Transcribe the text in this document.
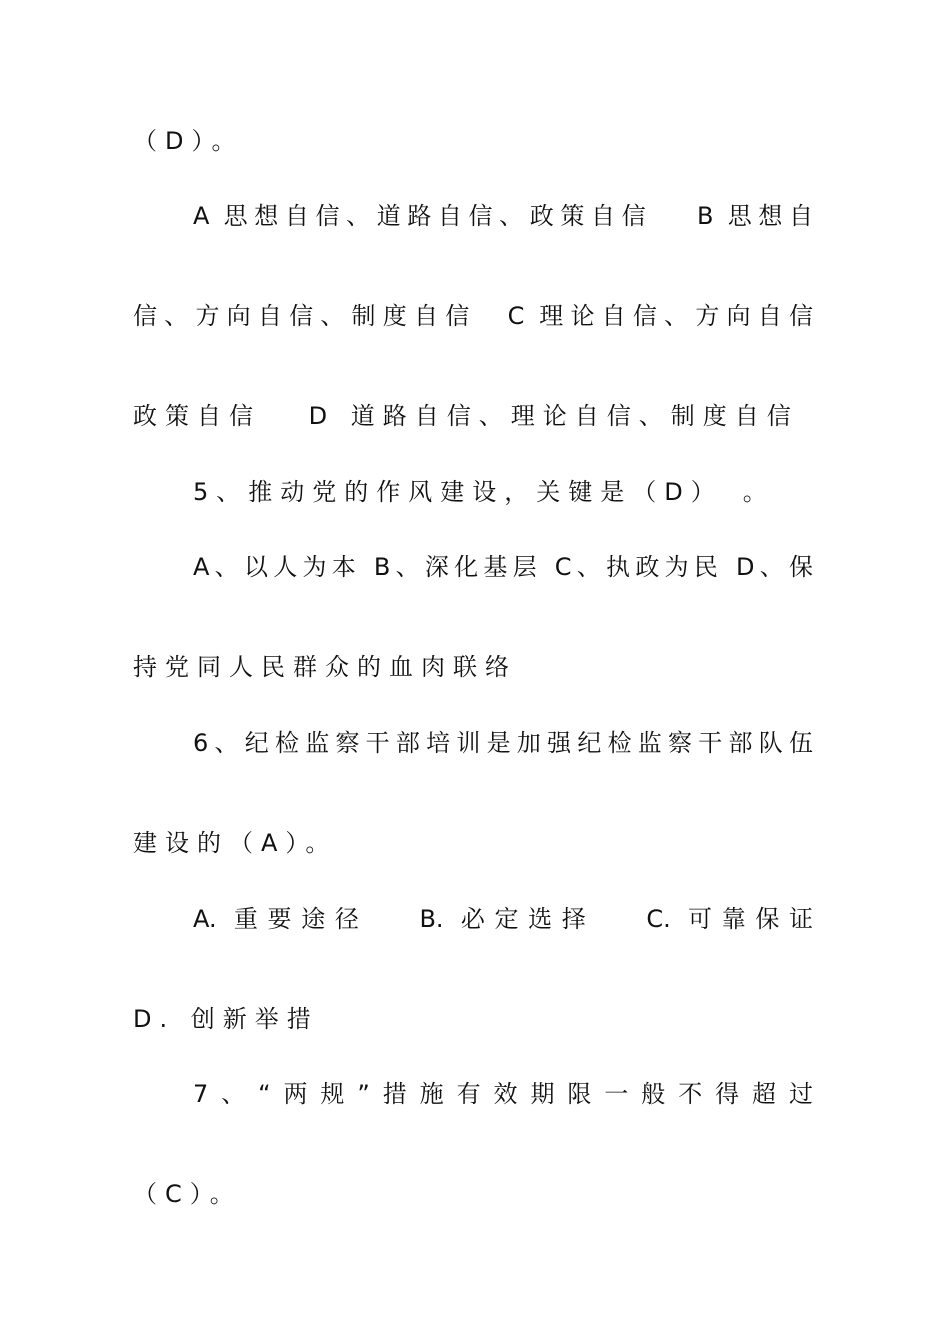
（D）。
A 思想自信、道路自信、政策自信　 B 思想自
信、方向自信、制度自信　C 理论自信、方向自信
政策自信　 D 道路自信、理论自信、制度自信
5、推动党的作风建设，关键是（D）　。
A、以人为本 B、深化基层 C、执政为民 D、保
持党同人民群众的血肉联络
6、纪检监察干部培训是加强纪检监察干部队伍
建设的（A）。
A. 重要途径　 B. 必定选择　 C. 可靠保证
D. 创新举措
7、“两规”措施有效期限一般不得超过
（C）。
